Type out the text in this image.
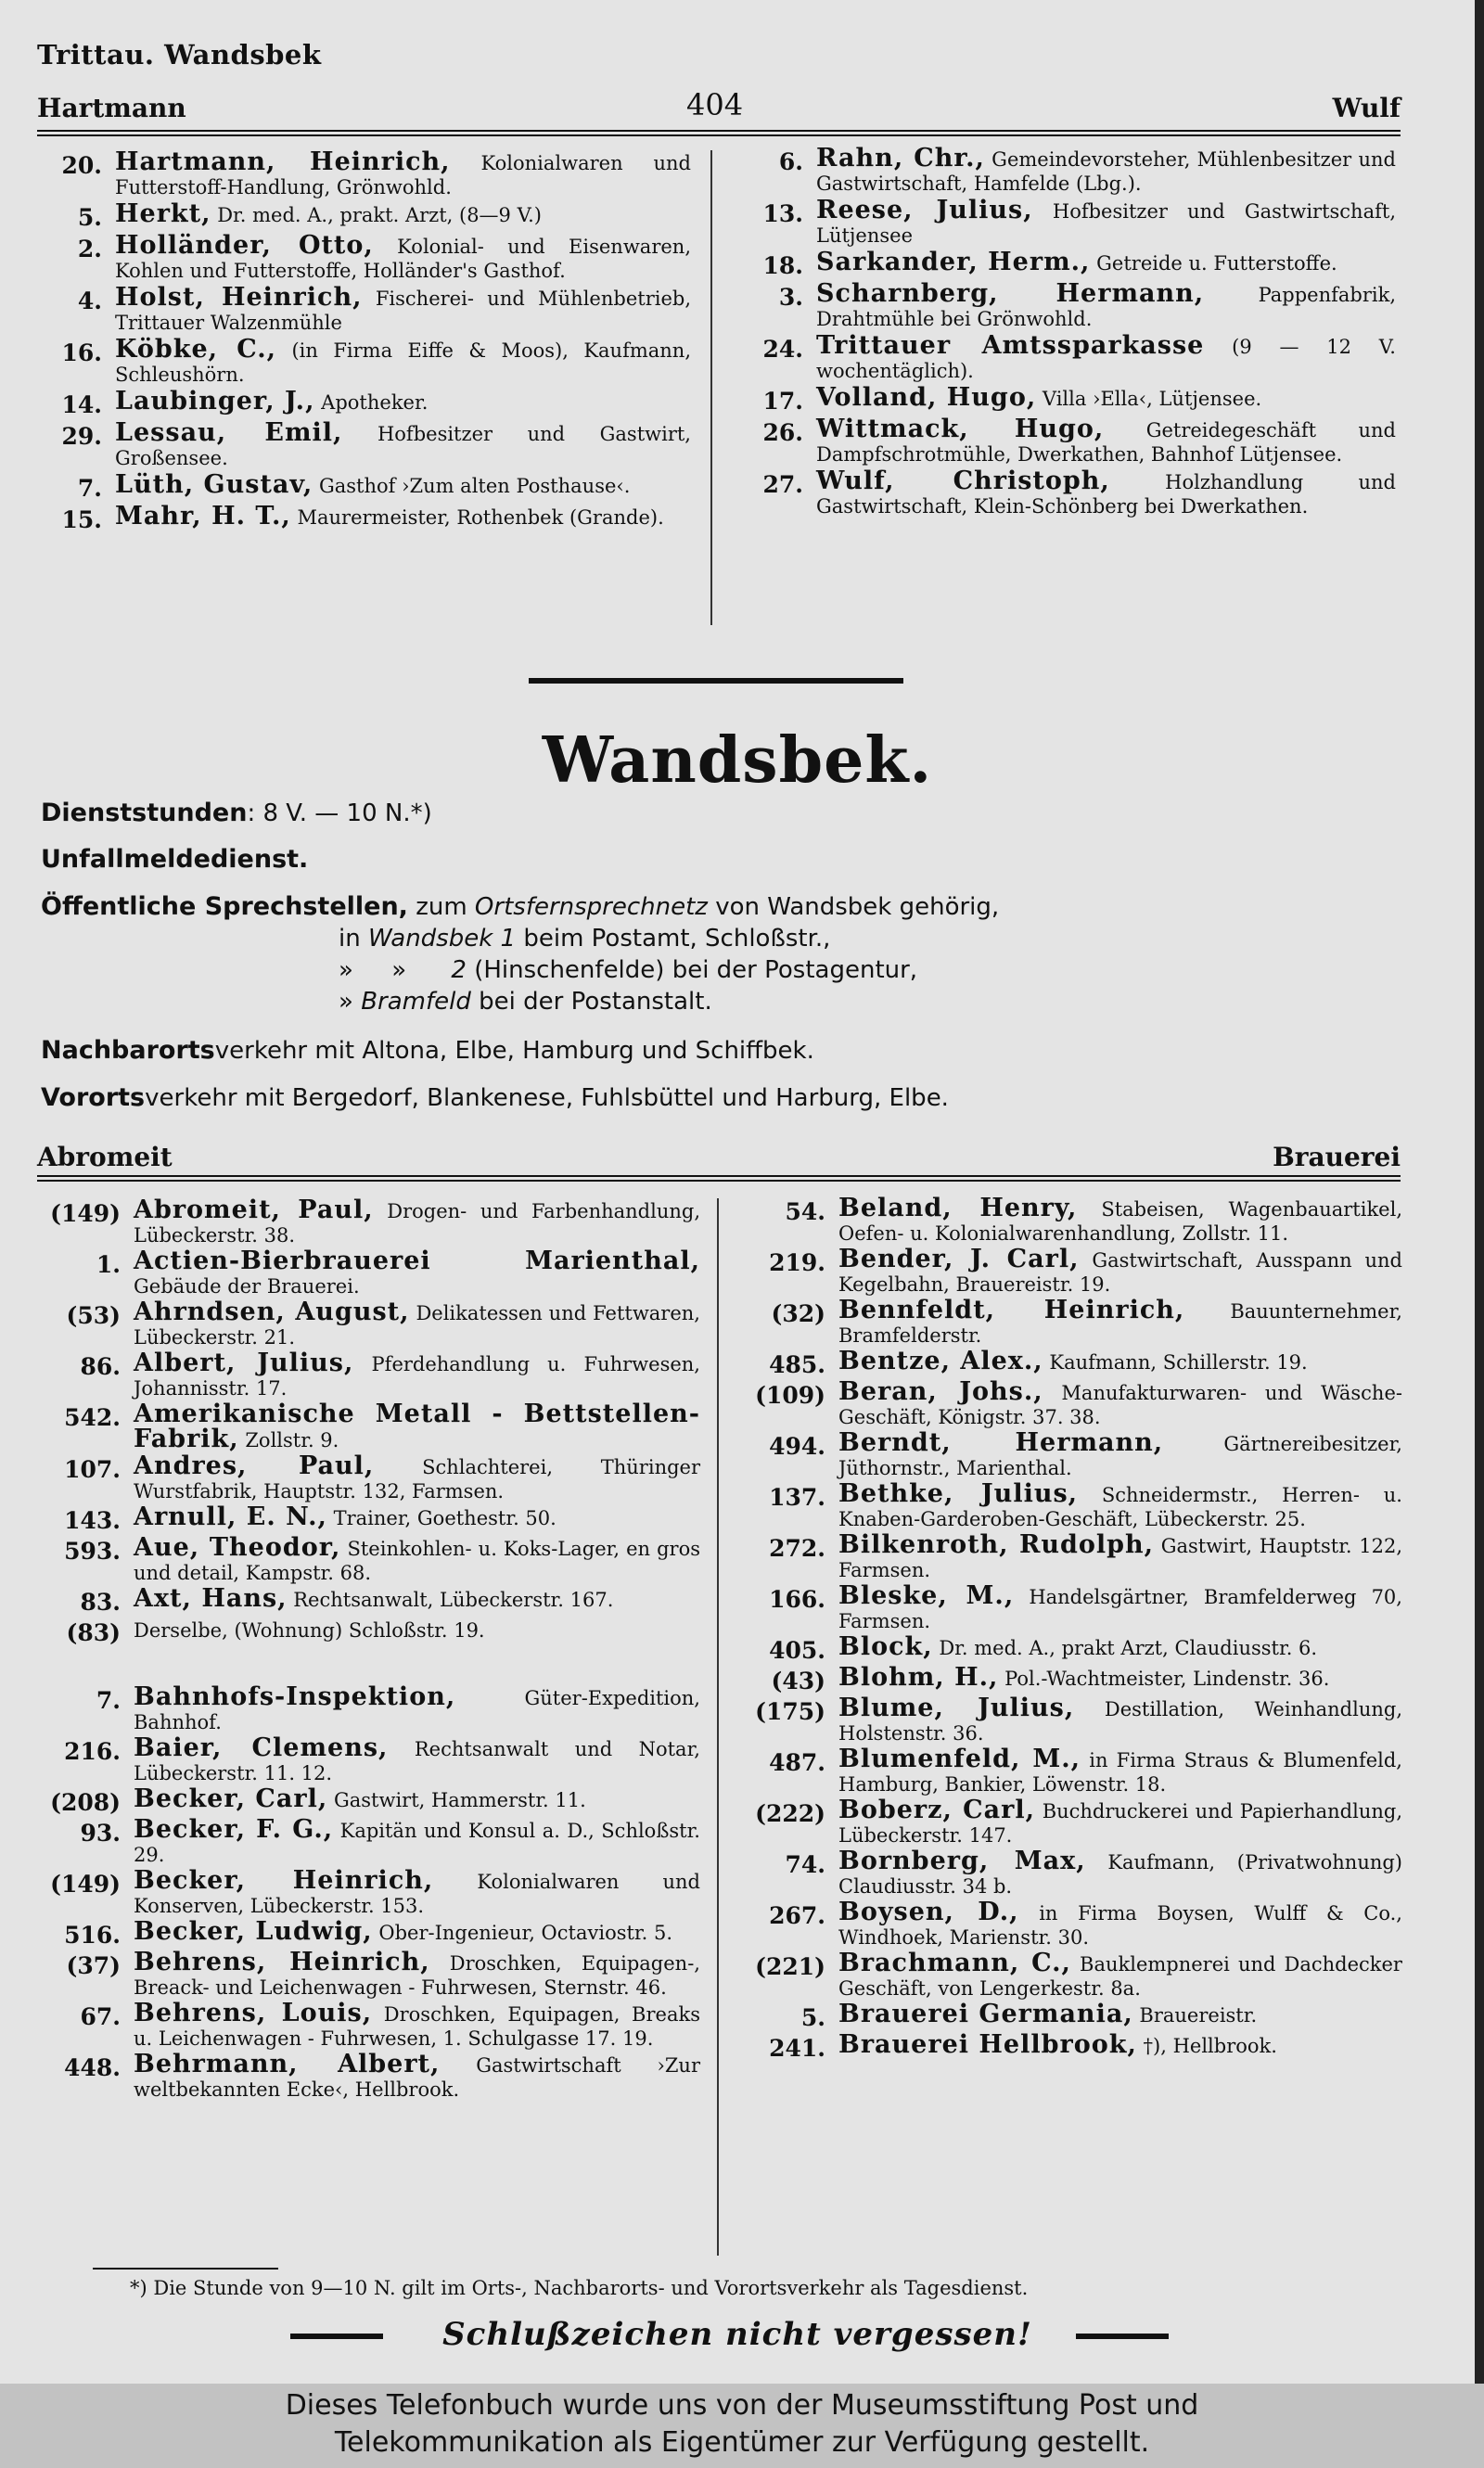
Trittau. Wandsbek
Hartmann	404	Wulf
20. Hartmann, Heinrich, Kolonialwaren und Futterstoff-Handlung, Grönwohld.
5. Herkt, Dr. med. A., prakt. Arzt, (8—9 V.)
2. Holländer, Otto, Kolonial- und Eisenwaren, Kohlen und Futterstoffe, Holländer's Gasthof.
4. Holst, Heinrich, Fischerei- und Mühlenbetrieb, Trittauer Walzenmühle
16. Köbke, C., (in Firma Eiffe & Moos), Kaufmann, Schleushörn.
14. Laubinger, J., Apotheker.
29. Lessau, Emil, Hofbesitzer und Gastwirt, Großensee.
7. Lüth, Gustav, Gasthof ›Zum alten Posthause‹.
15. Mahr, H. T., Maurermeister, Rothenbek (Grande).
6. Rahn, Chr., Gemeindevorsteher, Mühlenbesitzer und Gastwirtschaft, Hamfelde (Lbg.).
13. Reese, Julius, Hofbesitzer und Gastwirtschaft, Lütjensee
18. Sarkander, Herm., Getreide u. Futterstoffe.
3. Scharnberg, Hermann,	Pappenfabrik, Drahtmühle bei Grönwohld.
24. Trittauer Amtssparkasse (9 — 12 V. wochentäglich).
17. Volland, Hugo, Villa ›Ella‹, Lütjensee.
26. Wittmack, Hugo, Getreidegeschäft und Dampfschrotmühle, Dwerkathen, Bahnhof Lütjensee.
27. Wulf, Christoph,	Holzhandlung und Gastwirtschaft, Klein-Schönberg bei Dwerkathen.
Wandsbek.
Dienststunden: 8 V. — 10 N.*)
Unfallmeldedienst.
Öffentliche Sprechstellen, zum Ortsfernsprechnetz von Wandsbek gehörig,
in Wandsbek 1 beim Postamt, Schloßstr.,
»     » 2 (Hinschenfelde) bei der Postagentur,
» Bramfeld bei der Postanstalt.
Nachbarortsverkehr mit Altona, Elbe, Hamburg und Schiffbek.
Vorortsverkehr mit Bergedorf, Blankenese, Fuhlsbüttel und Harburg, Elbe.
Abromeit	Brauerei
(149) Abromeit, Paul, Drogen- und Farbenhandlung, Lübeckerstr. 38.
1. Actien-Bierbrauerei Marienthal, Gebäude der Brauerei.
(53) Ahrndsen, August, Delikatessen und Fettwaren, Lübeckerstr. 21.
86. Albert, Julius, Pferdehandlung u. Fuhrwesen, Johannisstr. 17.
542. Amerikanische Metall - Bettstellen-Fabrik, Zollstr. 9.
107. Andres, Paul, Schlachterei, Thüringer Wurstfabrik, Hauptstr. 132, Farmsen.
143. Arnull, E. N., Trainer, Goethestr. 50.
593. Aue, Theodor, Steinkohlen- u. Koks-Lager, en gros und detail, Kampstr. 68.
83. Axt, Hans, Rechtsanwalt, Lübeckerstr. 167.
(83) Derselbe, (Wohnung) Schloßstr. 19.
7. Bahnhofs-Inspektion,	Güter-Expedition, Bahnhof.
216. Baier, Clemens, Rechtsanwalt und Notar, Lübeckerstr. 11. 12.
(208) Becker, Carl, Gastwirt, Hammerstr. 11.
93. Becker, F. G., Kapitän und Konsul a. D., Schloßstr. 29.
(149) Becker, Heinrich, Kolonialwaren und Konserven, Lübeckerstr. 153.
516. Becker, Ludwig, Ober-Ingenieur, Octaviostr. 5.
(37) Behrens, Heinrich, Droschken, Equipagen-, Breack- und Leichenwagen - Fuhrwesen, Sternstr. 46.
67. Behrens, Louis, Droschken, Equipagen, Breaks u. Leichenwagen - Fuhrwesen, 1. Schulgasse 17. 19.
448. Behrmann, Albert, Gastwirtschaft ›Zur weltbekannten Ecke‹, Hellbrook.
54. Beland, Henry, Stabeisen, Wagenbauartikel, Oefen- u. Kolonialwarenhandlung, Zollstr. 11.
219. Bender, J. Carl, Gastwirtschaft, Ausspann und Kegelbahn, Brauereistr. 19.
(32) Bennfeldt, Heinrich, Bauunternehmer, Bramfelderstr.
485. Bentze, Alex., Kaufmann, Schillerstr. 19.
(109) Beran, Johs., Manufakturwaren- und Wäsche-Geschäft, Königstr. 37. 38.
494. Berndt, Hermann,	Gärtnereibesitzer, Jüthornstr., Marienthal.
137. Bethke, Julius, Schneidermstr., Herren- u. Knaben-Garderoben-Geschäft, Lübeckerstr. 25.
272. Bilkenroth, Rudolph, Gastwirt, Hauptstr. 122, Farmsen.
166. Bleske, M., Handelsgärtner, Bramfelderweg 70, Farmsen.
405. Block, Dr. med. A., prakt Arzt, Claudiusstr. 6.
(43) Blohm, H., Pol.-Wachtmeister, Lindenstr. 36.
(175) Blume, Julius, Destillation, Weinhandlung, Holstenstr. 36.
487. Blumenfeld, M., in Firma Straus & Blumenfeld, Hamburg, Bankier, Löwenstr. 18.
(222) Boberz, Carl, Buchdruckerei und Papierhandlung, Lübeckerstr. 147.
74. Bornberg, Max, Kaufmann, (Privatwohnung) Claudiusstr. 34 b.
267. Boysen, D., in Firma Boysen, Wulff & Co., Windhoek, Marienstr. 30.
(221) Brachmann, C., Bauklempnerei und Dachdecker Geschäft, von Lengerkestr. 8a.
5. Brauerei Germania, Brauereistr.
241. Brauerei Hellbrook, †), Hellbrook.
*) Die Stunde von 9—10 N. gilt im Orts-, Nachbarorts- und Vorortsverkehr als Tagesdienst.
Schlußzeichen nicht vergessen!
Dieses Telefonbuch wurde uns von der Museumsstiftung Post und
Telekommunikation als Eigentümer zur Verfügung gestellt.
